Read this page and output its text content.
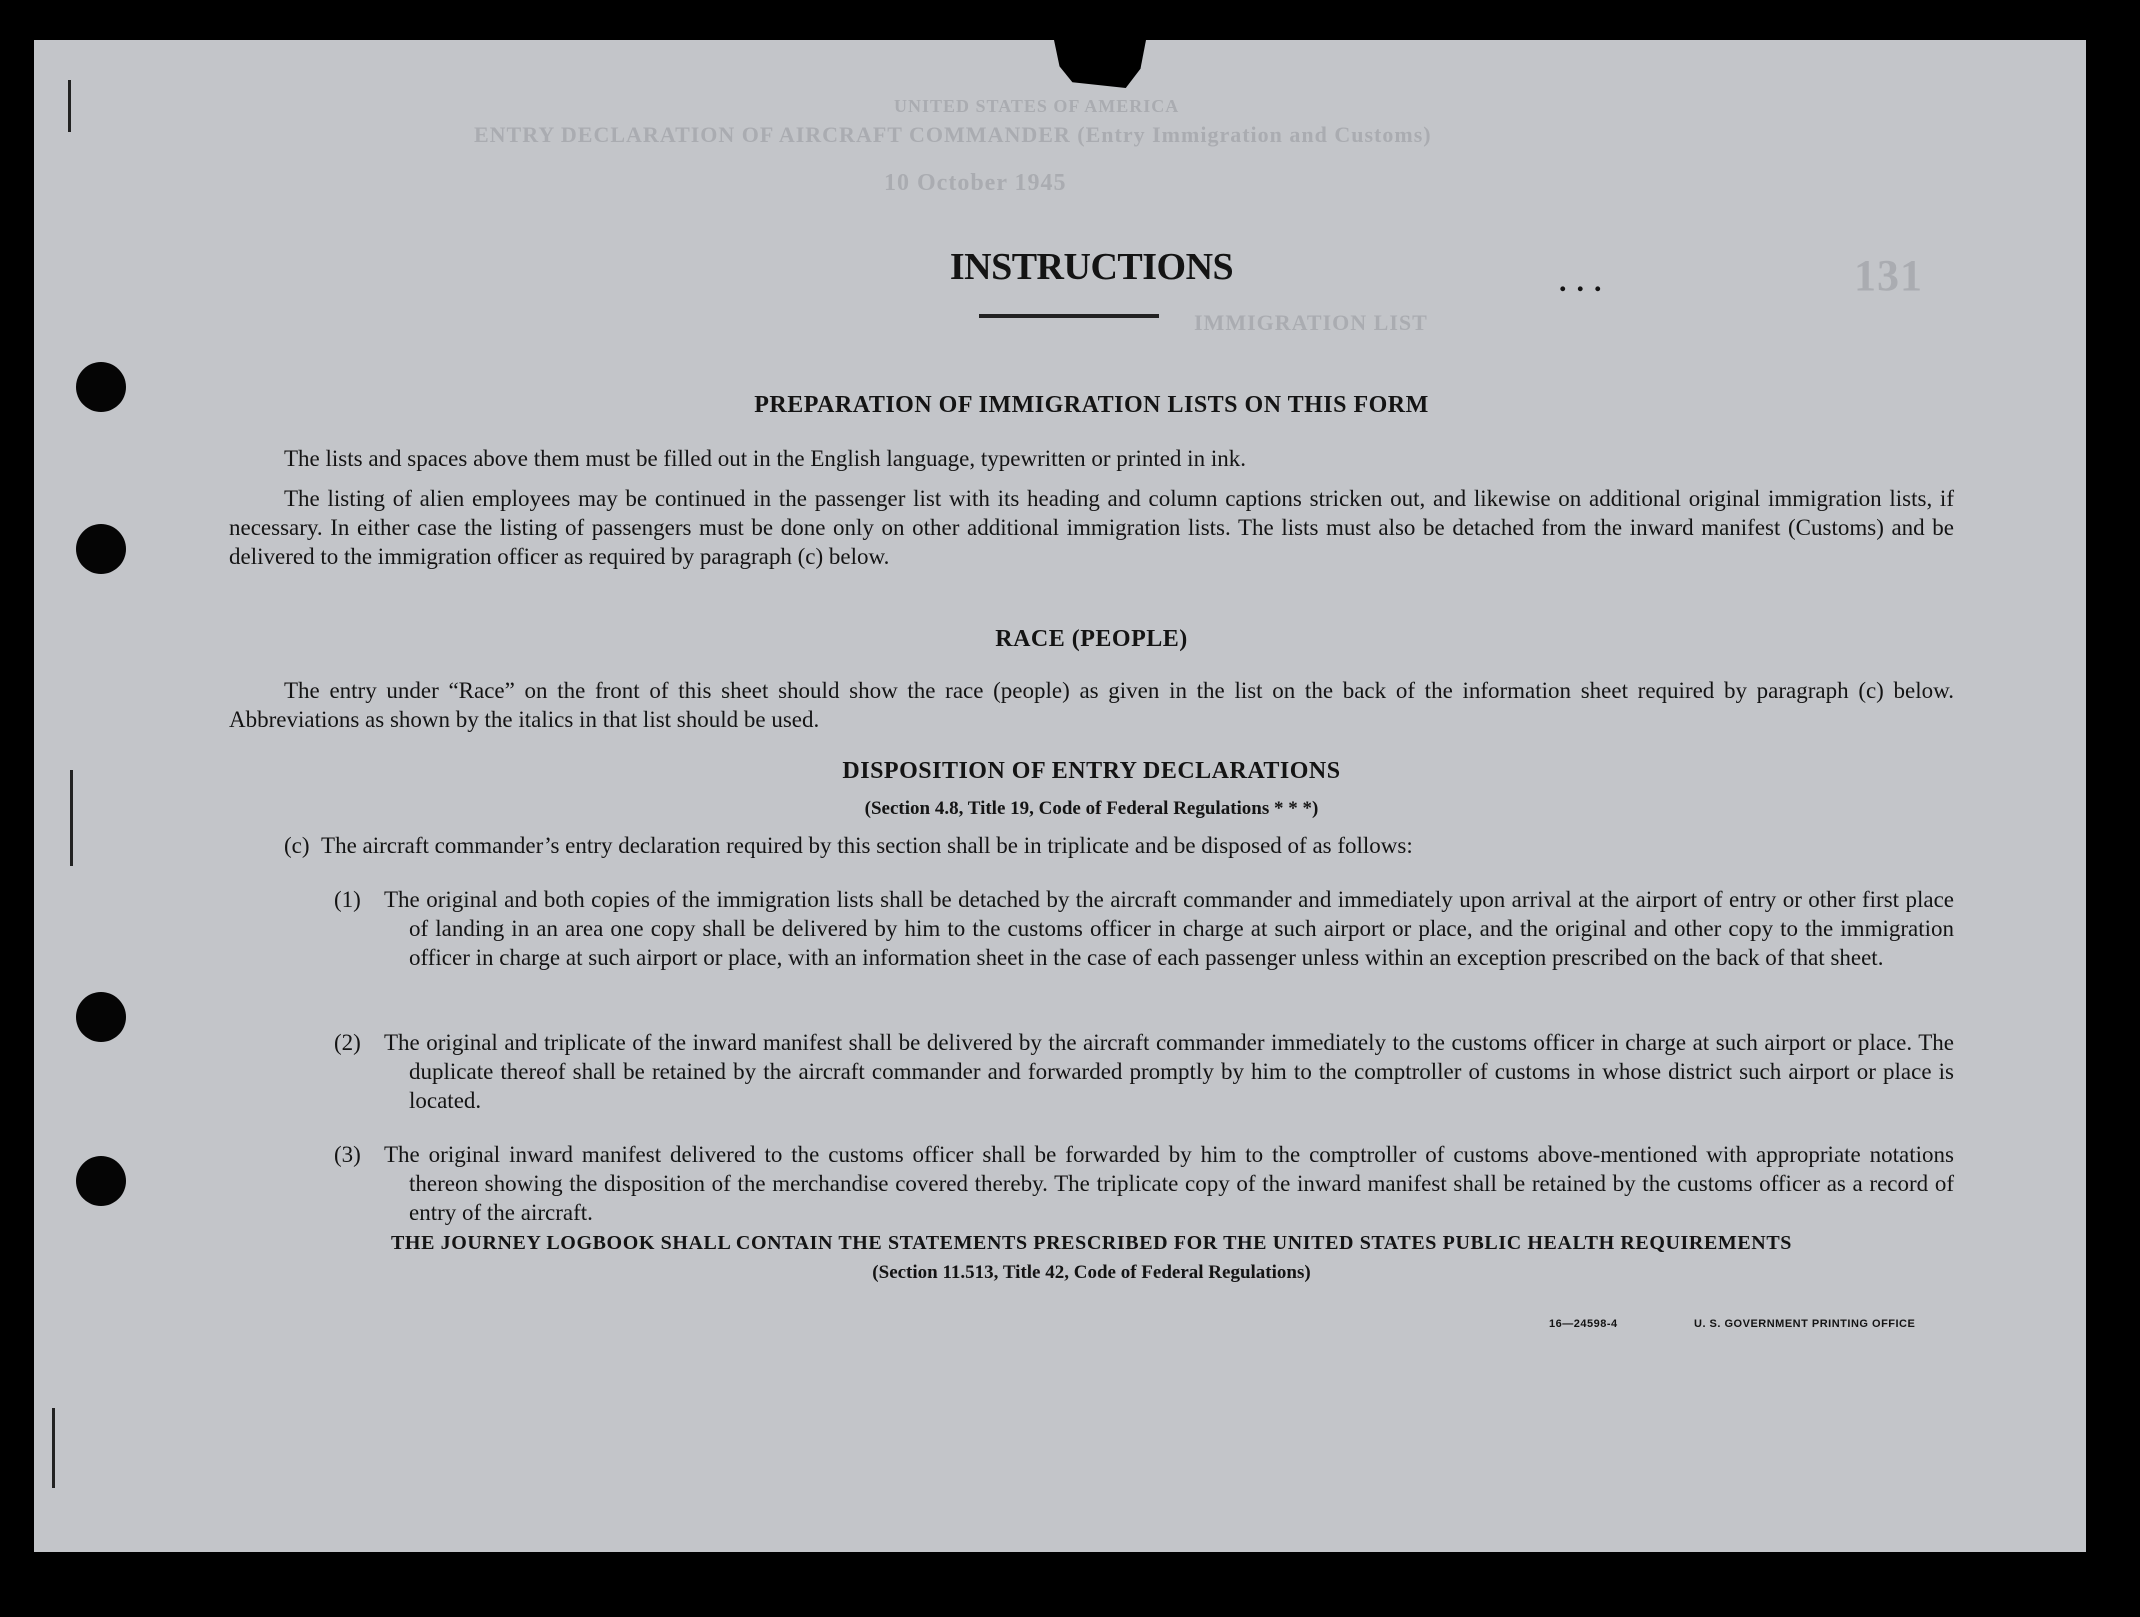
UNITED STATES OF AMERICA
ENTRY DECLARATION OF AIRCRAFT COMMANDER (Entry Immigration and Customs)
10 October 1945
IMMIGRATION LIST
131
INSTRUCTIONS	...
PREPARATION OF IMMIGRATION LISTS ON THIS FORM
The lists and spaces above them must be filled out in the English language, typewritten or printed in ink.
The listing of alien employees may be continued in the passenger list with its heading and column captions stricken out, and likewise on additional original immigration lists, if necessary. In either case the listing of passengers must be done only on other additional immigration lists. The lists must also be detached from the inward manifest (Customs) and be delivered to the immigration officer as required by paragraph (c) below.
RACE (PEOPLE)
The entry under “Race” on the front of this sheet should show the race (people) as given in the list on the back of the information sheet required by paragraph (c) below. Abbreviations as shown by the italics in that list should be used.
DISPOSITION OF ENTRY DECLARATIONS
(Section 4.8, Title 19, Code of Federal Regulations * * *)
(c) The aircraft commander’s entry declaration required by this section shall be in triplicate and be disposed of as follows:
(1)	The original and both copies of the immigration lists shall be detached by the aircraft commander and immediately upon arrival at the airport of entry or other first place of landing in an area one copy shall be delivered by him to the customs officer in charge at such airport or place, and the original and other copy to the immigration officer in charge at such airport or place, with an information sheet in the case of each passenger unless within an exception prescribed on the back of that sheet.
(2)	The original and triplicate of the inward manifest shall be delivered by the aircraft commander immediately to the customs officer in charge at such airport or place. The duplicate thereof shall be retained by the aircraft commander and forwarded promptly by him to the comptroller of customs in whose district such airport or place is located.
(3)	The original inward manifest delivered to the customs officer shall be forwarded by him to the comptroller of customs above-mentioned with appropriate notations thereon showing the disposition of the merchandise covered thereby. The triplicate copy of the inward manifest shall be retained by the customs officer as a record of entry of the aircraft.
THE JOURNEY LOGBOOK SHALL CONTAIN THE STATEMENTS PRESCRIBED FOR THE UNITED STATES PUBLIC HEALTH REQUIREMENTS
(Section 11.513, Title 42, Code of Federal Regulations)
16—24598-4	U. S. GOVERNMENT PRINTING OFFICE
